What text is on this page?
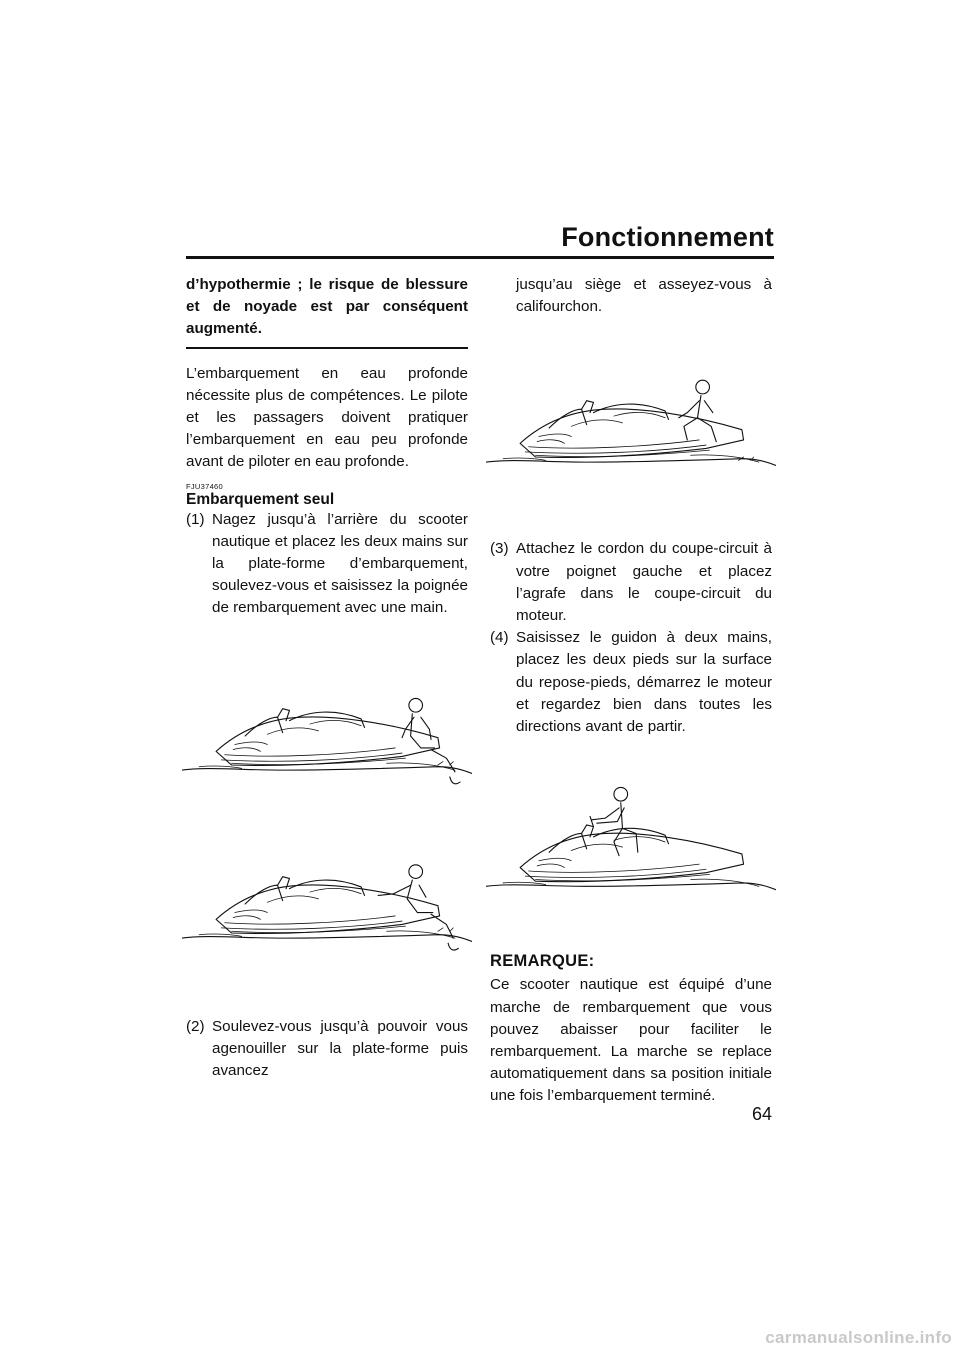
Fonctionnement
d’hypothermie ; le risque de blessure et de noyade est par conséquent augmenté.

L’embarquement en eau profonde nécessite plus de compétences. Le pilote et les passagers doivent pratiquer l’embarquement en eau peu profonde avant de piloter en eau profonde.

FJU37460
Embarquement seul
(1) Nagez jusqu’à l’arrière du scooter nautique et placez les deux mains sur la plate-forme d’embarquement, soulevez-vous et saisissez la poignée de rembarquement avec une main.
(2) Soulevez-vous jusqu’à pouvoir vous agenouiller sur la plate-forme puis avancez
jusqu’au siège et asseyez-vous à califourchon.
(3) Attachez le cordon du coupe-circuit à votre poignet gauche et placez l’agrafe dans le coupe-circuit du moteur.
(4) Saisissez le guidon à deux mains, placez les deux pieds sur la surface du repose-pieds, démarrez le moteur et regardez bien dans toutes les directions avant de partir.
REMARQUE:

Ce scooter nautique est équipé d’une marche de rembarquement que vous pouvez abaisser pour faciliter le rembarquement. La marche se replace automatiquement dans sa position initiale une fois l’embarquement terminé.

64
carmanualsonline.info
